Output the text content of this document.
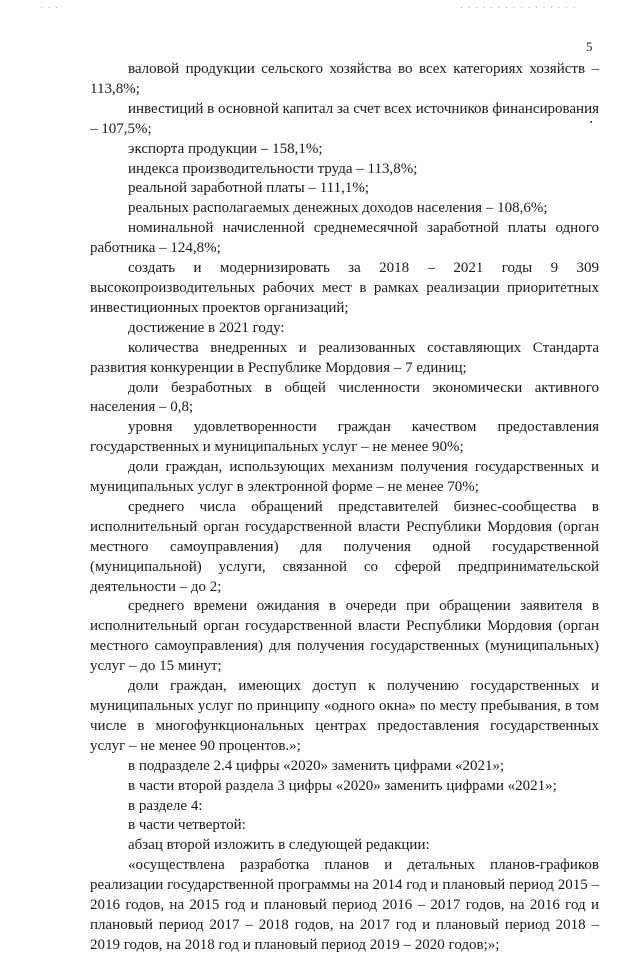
· · ·	· · · · · · · · · · · · · · · ·
5

валовой продукции сельского хозяйства во всех категориях хозяйств – 113,8%;

инвестиций в основной капитал за счет всех источников финансирования – 107,5%;

экспорта продукции – 158,1%;

индекса производительности труда – 113,8%;

реальной заработной платы – 111,1%;

реальных располагаемых денежных доходов населения – 108,6%;

номинальной начисленной среднемесячной заработной платы одного работника – 124,8%;

создать и модернизировать за 2018 – 2021 годы 9 309 высокопроизводительных рабочих мест в рамках реализации приоритетных инвестиционных проектов организаций;

достижение в 2021 году:

количества внедренных и реализованных составляющих Стандарта развития конкуренции в Республике Мордовия – 7 единиц;

доли безработных в общей численности экономически активного населения – 0,8;

уровня удовлетворенности граждан качеством предоставления государственных и муниципальных услуг – не менее 90%;

доли граждан, использующих механизм получения государственных и муниципальных услуг в электронной форме – не менее 70%;

среднего числа обращений представителей бизнес-сообщества в исполнительный орган государственной власти Республики Мордовия (орган местного самоуправления) для получения одной государственной (муниципальной) услуги, связанной со сферой предпринимательской деятельности – до 2;

среднего времени ожидания в очереди при обращении заявителя в исполнительный орган государственной власти Республики Мордовия (орган местного самоуправления) для получения государственных (муниципальных) услуг – до 15 минут;

доли граждан, имеющих доступ к получению государственных и муниципальных услуг по принципу «одного окна» по месту пребывания, в том числе в многофункциональных центрах предоставления государственных услуг – не менее 90 процентов.»;

в подразделе 2.4 цифры «2020» заменить цифрами «2021»;

в части второй раздела 3 цифры «2020» заменить цифрами «2021»;

в разделе 4:

в части четвертой:

абзац второй изложить в следующей редакции:

«осуществлена разработка планов и детальных планов-графиков реализации государственной программы на 2014 год и плановый период 2015 – 2016 годов, на 2015 год и плановый период 2016 – 2017 годов, на 2016 год и плановый период 2017 – 2018 годов, на 2017 год и плановый период 2018 – 2019 годов, на 2018 год и плановый период 2019 – 2020 годов;»;
